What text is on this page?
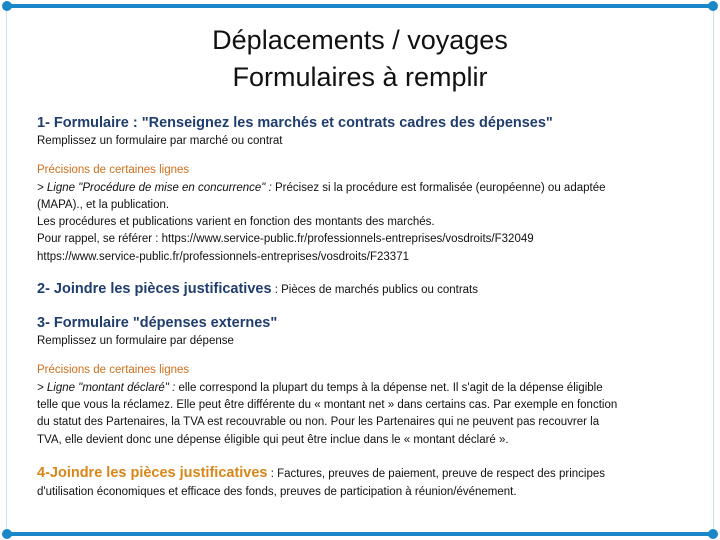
Déplacements / voyages
Formulaires à remplir

1- Formulaire : "Renseignez les marchés et contrats cadres des dépenses"

Remplissez un formulaire par marché ou contrat

Précisions de certaines lignes

> Ligne "Procédure de mise en concurrence" : Précisez si la procédure est formalisée (européenne) ou adaptée

(MAPA)., et la publication.

Les procédures et publications varient en fonction des montants des marchés.

Pour rappel, se référer : https://www.service-public.fr/professionnels-entreprises/vosdroits/F32049

https://www.service-public.fr/professionnels-entreprises/vosdroits/F23371

2- Joindre les pièces justificatives : Pièces de marchés publics ou contrats

3- Formulaire "dépenses externes"

Remplissez un formulaire par dépense

Précisions de certaines lignes

> Ligne "montant déclaré" : elle correspond la plupart du temps à la dépense net. Il s'agit de la dépense éligible

telle que vous la réclamez. Elle peut être différente du « montant net » dans certains cas. Par exemple en fonction

du statut des Partenaires, la TVA est recouvrable ou non. Pour les Partenaires qui ne peuvent pas recouvrer la

TVA, elle devient donc une dépense éligible qui peut être inclue dans le « montant déclaré ».

4-Joindre les pièces justificatives : Factures, preuves de paiement, preuve de respect des principes

d'utilisation économiques et efficace des fonds, preuves de participation à réunion/événement.
